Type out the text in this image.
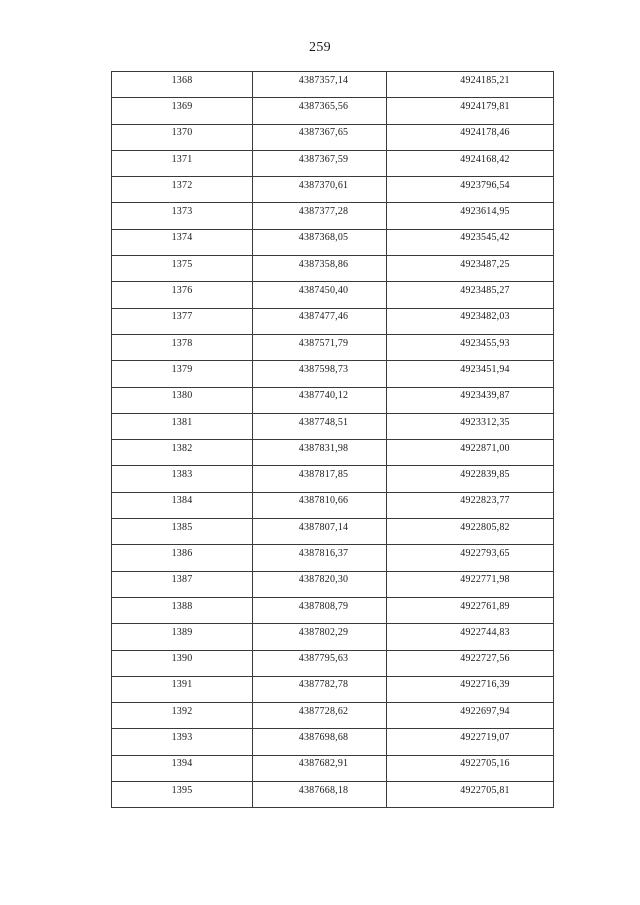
259
1368	4387357,14	4924185,21
1369	4387365,56	4924179,81
1370	4387367,65	4924178,46
1371	4387367,59	4924168,42
1372	4387370,61	4923796,54
1373	4387377,28	4923614,95
1374	4387368,05	4923545,42
1375	4387358,86	4923487,25
1376	4387450,40	4923485,27
1377	4387477,46	4923482,03
1378	4387571,79	4923455,93
1379	4387598,73	4923451,94
1380	4387740,12	4923439,87
1381	4387748,51	4923312,35
1382	4387831,98	4922871,00
1383	4387817,85	4922839,85
1384	4387810,66	4922823,77
1385	4387807,14	4922805,82
1386	4387816,37	4922793,65
1387	4387820,30	4922771,98
1388	4387808,79	4922761,89
1389	4387802,29	4922744,83
1390	4387795,63	4922727,56
1391	4387782,78	4922716,39
1392	4387728,62	4922697,94
1393	4387698,68	4922719,07
1394	4387682,91	4922705,16
1395	4387668,18	4922705,81
